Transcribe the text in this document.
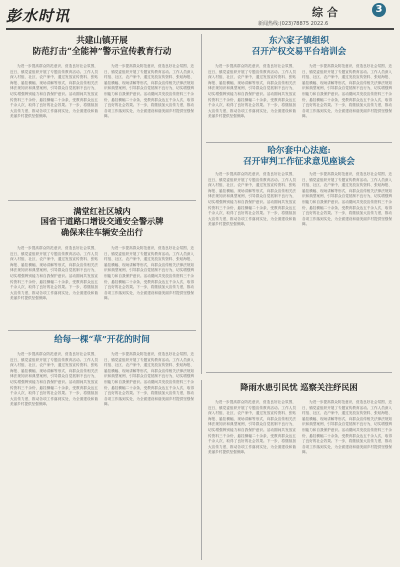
彭水时讯	综 合	3
新闻热线:(023)78875 2022.6
共建山镇开展
防范打击“全能神”警示宣传教育行动

为进一步提高群众防范意识，营造良好社会氛围，近日，镇党委组织开展了专题宣传教育活动。工作人员深入村组、社区、农户家中，通过发放宣传资料、张贴海报、悬挂横幅、现场讲解等形式，向群众宣传相关法律法规知识和典型案例，引导群众自觉抵制不良行为，切实增强辨别能力和自我保护意识。活动期间共发放宣传资料三千余份，悬挂横幅二十余条，受教育群众达五千余人次，取得了良好的社会效果。下一步，将继续加大宣传力度，推动各项工作落到实处，为全面建设和谐美丽乡村提供坚强保障。

为进一步提高群众防范意识，营造良好社会氛围，近日，镇党委组织开展了专题宣传教育活动。工作人员深入村组、社区、农户家中，通过发放宣传资料、张贴海报、悬挂横幅、现场讲解等形式，向群众宣传相关法律法规知识和典型案例，引导群众自觉抵制不良行为，切实增强辨别能力和自我保护意识。活动期间共发放宣传资料三千余份，悬挂横幅二十余条，受教育群众达五千余人次，取得了良好的社会效果。下一步，将继续加大宣传力度，推动各项工作落到实处，为全面建设和谐美丽乡村提供坚强保障。

东六家子镇组织
召开产权交易平台培训会

为进一步提高群众防范意识，营造良好社会氛围，近日，镇党委组织开展了专题宣传教育活动。工作人员深入村组、社区、农户家中，通过发放宣传资料、张贴海报、悬挂横幅、现场讲解等形式，向群众宣传相关法律法规知识和典型案例，引导群众自觉抵制不良行为，切实增强辨别能力和自我保护意识。活动期间共发放宣传资料三千余份，悬挂横幅二十余条，受教育群众达五千余人次，取得了良好的社会效果。下一步，将继续加大宣传力度，推动各项工作落到实处，为全面建设和谐美丽乡村提供坚强保障。

为进一步提高群众防范意识，营造良好社会氛围，近日，镇党委组织开展了专题宣传教育活动。工作人员深入村组、社区、农户家中，通过发放宣传资料、张贴海报、悬挂横幅、现场讲解等形式，向群众宣传相关法律法规知识和典型案例，引导群众自觉抵制不良行为，切实增强辨别能力和自我保护意识。活动期间共发放宣传资料三千余份，悬挂横幅二十余条，受教育群众达五千余人次，取得了良好的社会效果。下一步，将继续加大宣传力度，推动各项工作落到实处，为全面建设和谐美丽乡村提供坚强保障。

哈尔套中心法庭:
召开审判工作征求意见座谈会

为进一步提高群众防范意识，营造良好社会氛围，近日，镇党委组织开展了专题宣传教育活动。工作人员深入村组、社区、农户家中，通过发放宣传资料、张贴海报、悬挂横幅、现场讲解等形式，向群众宣传相关法律法规知识和典型案例，引导群众自觉抵制不良行为，切实增强辨别能力和自我保护意识。活动期间共发放宣传资料三千余份，悬挂横幅二十余条，受教育群众达五千余人次，取得了良好的社会效果。下一步，将继续加大宣传力度，推动各项工作落到实处，为全面建设和谐美丽乡村提供坚强保障。

为进一步提高群众防范意识，营造良好社会氛围，近日，镇党委组织开展了专题宣传教育活动。工作人员深入村组、社区、农户家中，通过发放宣传资料、张贴海报、悬挂横幅、现场讲解等形式，向群众宣传相关法律法规知识和典型案例，引导群众自觉抵制不良行为，切实增强辨别能力和自我保护意识。活动期间共发放宣传资料三千余份，悬挂横幅二十余条，受教育群众达五千余人次，取得了良好的社会效果。下一步，将继续加大宣传力度，推动各项工作落到实处，为全面建设和谐美丽乡村提供坚强保障。

满堂红社区城内
国省干道路口增设交通安全警示牌
确保来往车辆安全出行

为进一步提高群众防范意识，营造良好社会氛围，近日，镇党委组织开展了专题宣传教育活动。工作人员深入村组、社区、农户家中，通过发放宣传资料、张贴海报、悬挂横幅、现场讲解等形式，向群众宣传相关法律法规知识和典型案例，引导群众自觉抵制不良行为，切实增强辨别能力和自我保护意识。活动期间共发放宣传资料三千余份，悬挂横幅二十余条，受教育群众达五千余人次，取得了良好的社会效果。下一步，将继续加大宣传力度，推动各项工作落到实处，为全面建设和谐美丽乡村提供坚强保障。

为进一步提高群众防范意识，营造良好社会氛围，近日，镇党委组织开展了专题宣传教育活动。工作人员深入村组、社区、农户家中，通过发放宣传资料、张贴海报、悬挂横幅、现场讲解等形式，向群众宣传相关法律法规知识和典型案例，引导群众自觉抵制不良行为，切实增强辨别能力和自我保护意识。活动期间共发放宣传资料三千余份，悬挂横幅二十余条，受教育群众达五千余人次，取得了良好的社会效果。下一步，将继续加大宣传力度，推动各项工作落到实处，为全面建设和谐美丽乡村提供坚强保障。

给每一棵“草”开花的时间

为进一步提高群众防范意识，营造良好社会氛围，近日，镇党委组织开展了专题宣传教育活动。工作人员深入村组、社区、农户家中，通过发放宣传资料、张贴海报、悬挂横幅、现场讲解等形式，向群众宣传相关法律法规知识和典型案例，引导群众自觉抵制不良行为，切实增强辨别能力和自我保护意识。活动期间共发放宣传资料三千余份，悬挂横幅二十余条，受教育群众达五千余人次，取得了良好的社会效果。下一步，将继续加大宣传力度，推动各项工作落到实处，为全面建设和谐美丽乡村提供坚强保障。

为进一步提高群众防范意识，营造良好社会氛围，近日，镇党委组织开展了专题宣传教育活动。工作人员深入村组、社区、农户家中，通过发放宣传资料、张贴海报、悬挂横幅、现场讲解等形式，向群众宣传相关法律法规知识和典型案例，引导群众自觉抵制不良行为，切实增强辨别能力和自我保护意识。活动期间共发放宣传资料三千余份，悬挂横幅二十余条，受教育群众达五千余人次，取得了良好的社会效果。下一步，将继续加大宣传力度，推动各项工作落到实处，为全面建设和谐美丽乡村提供坚强保障。

降雨水患引民忧 巡察关注纾民困

为进一步提高群众防范意识，营造良好社会氛围，近日，镇党委组织开展了专题宣传教育活动。工作人员深入村组、社区、农户家中，通过发放宣传资料、张贴海报、悬挂横幅、现场讲解等形式，向群众宣传相关法律法规知识和典型案例，引导群众自觉抵制不良行为，切实增强辨别能力和自我保护意识。活动期间共发放宣传资料三千余份，悬挂横幅二十余条，受教育群众达五千余人次，取得了良好的社会效果。下一步，将继续加大宣传力度，推动各项工作落到实处，为全面建设和谐美丽乡村提供坚强保障。

为进一步提高群众防范意识，营造良好社会氛围，近日，镇党委组织开展了专题宣传教育活动。工作人员深入村组、社区、农户家中，通过发放宣传资料、张贴海报、悬挂横幅、现场讲解等形式，向群众宣传相关法律法规知识和典型案例，引导群众自觉抵制不良行为，切实增强辨别能力和自我保护意识。活动期间共发放宣传资料三千余份，悬挂横幅二十余条，受教育群众达五千余人次，取得了良好的社会效果。下一步，将继续加大宣传力度，推动各项工作落到实处，为全面建设和谐美丽乡村提供坚强保障。
